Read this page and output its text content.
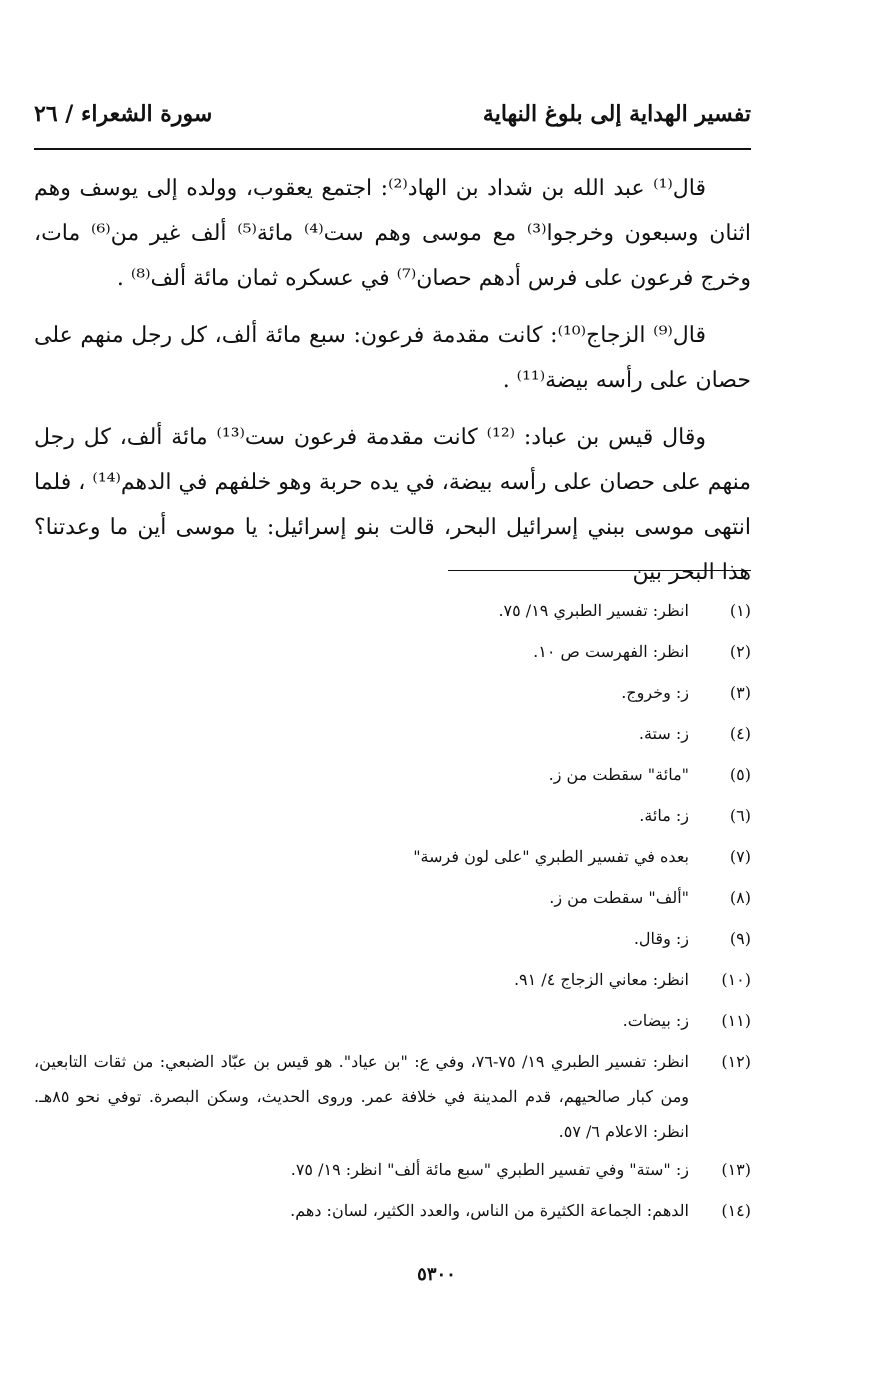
تفسير الهداية إلى بلوغ النهاية
سورة الشعراء / ٢٦

قال⁽¹⁾ عبد الله بن شداد بن الهاد⁽²⁾: اجتمع يعقوب، وولده إلى يوسف وهم اثنان وسبعون وخرجوا⁽³⁾ مع موسى وهم ست⁽⁴⁾ مائة⁽⁵⁾ ألف غير من⁽⁶⁾ مات، وخرج فرعون على فرس أدهم حصان⁽⁷⁾ في عسكره ثمان مائة ألف⁽⁸⁾ .

قال⁽⁹⁾ الزجاج⁽¹⁰⁾: كانت مقدمة فرعون: سبع مائة ألف، كل رجل منهم على حصان على رأسه بيضة⁽¹¹⁾ .

وقال قيس بن عباد: ⁽¹²⁾ كانت مقدمة فرعون ست⁽¹³⁾ مائة ألف، كل رجل منهم على حصان على رأسه بيضة، في يده حربة وهو خلفهم في الدهم⁽¹⁴⁾ ، فلما انتهى موسى ببني إسرائيل البحر، قالت بنو إسرائيل: يا موسى أين ما وعدتنا؟ هذا البحر بين

(١)
انظر: تفسير الطبري ١٩/ ٧٥.
(٢)
انظر: الفهرست ص ١٠.
(٣)
ز: وخروج.
(٤)
ز: ستة.
(٥)
"مائة" سقطت من ز.
(٦)
ز: مائة.
(٧)
بعده في تفسير الطبري "على لون فرسة"
(٨)
"ألف" سقطت من ز.
(٩)
ز: وقال.
(١٠)
انظر: معاني الزجاج ٤/ ٩١.
(١١)
ز: بيضات.
(١٢)
انظر: تفسير الطبري ١٩/ ٧٥-٧٦، وفي ع: "بن عياد". هو قيس بن عبّاد الضبعي: من ثقات التابعين، ومن كبار صالحيهم، قدم المدينة في خلافة عمر. وروى الحديث، وسكن البصرة. توفي نحو ٨٥هـ. انظر: الاعلام ٦/ ٥٧.
(١٣)
ز: "ستة" وفي تفسير الطبري "سبع مائة ألف" انظر: ١٩/ ٧٥.
(١٤)
الدهم: الجماعة الكثيرة من الناس، والعدد الكثير، لسان: دهم.
٥٣٠٠
